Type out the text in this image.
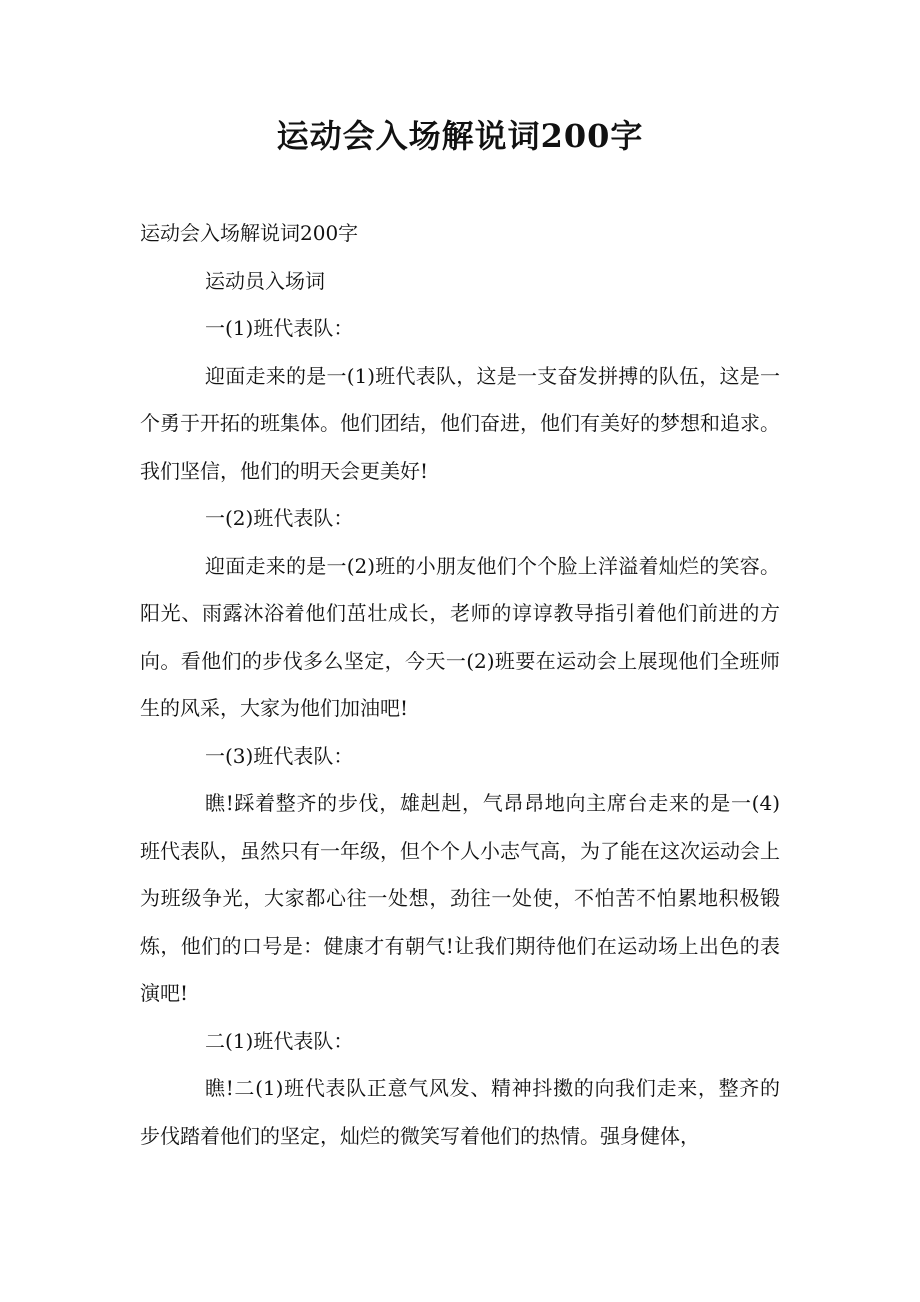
运动会入场解说词200字

运动会入场解说词200字

运动员入场词

一(1)班代表队：

迎面走来的是一(1)班代表队，这是一支奋发拼搏的队伍，这是一个勇于开拓的班集体。他们团结，他们奋进，他们有美好的梦想和追求。我们坚信，他们的明天会更美好!

一(2)班代表队：

迎面走来的是一(2)班的小朋友他们个个脸上洋溢着灿烂的笑容。阳光、雨露沐浴着他们茁壮成长，老师的谆谆教导指引着他们前进的方向。看他们的步伐多么坚定，今天一(2)班要在运动会上展现他们全班师生的风采，大家为他们加油吧!

一(3)班代表队：

瞧!踩着整齐的步伐，雄赳赳，气昂昂地向主席台走来的是一(4)班代表队，虽然只有一年级，但个个人小志气高，为了能在这次运动会上为班级争光，大家都心往一处想，劲往一处使，不怕苦不怕累地积极锻炼，他们的口号是：健康才有朝气!让我们期待他们在运动场上出色的表演吧!

二(1)班代表队：

瞧!二(1)班代表队正意气风发、精神抖擞的向我们走来，整齐的步伐踏着他们的坚定，灿烂的微笑写着他们的热情。强身健体，
